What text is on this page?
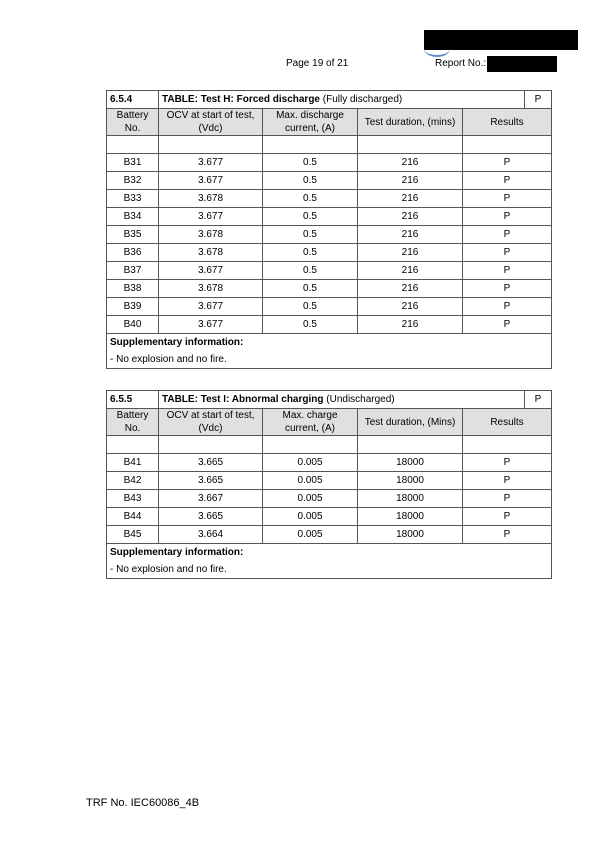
Page 19 of 21	Report No.:
6.5.4	TABLE: Test H: Forced discharge (Fully discharged)				P
Battery No.	OCV at start of test, (Vdc)	Max. discharge current, (A)	Test duration, (mins)	Results	

B31	3.677	0.5	216	P	
B32	3.677	0.5	216	P	
B33	3.678	0.5	216	P	
B34	3.677	0.5	216	P	
B35	3.678	0.5	216	P	
B36	3.678	0.5	216	P	
B37	3.677	0.5	216	P	
B38	3.678	0.5	216	P	
B39	3.677	0.5	216	P	
B40	3.677	0.5	216	P	
Supplementary information:					
- No explosion and no fire.					
6.5.5	TABLE: Test I: Abnormal charging (Undischarged)				P
Battery No.	OCV at start of test, (Vdc)	Max. charge current, (A)	Test duration, (Mins)	Results	

B41	3.665	0.005	18000	P	
B42	3.665	0.005	18000	P	
B43	3.667	0.005	18000	P	
B44	3.665	0.005	18000	P	
B45	3.664	0.005	18000	P	
Supplementary information:					
- No explosion and no fire.					
TRF No. IEC60086_4B
